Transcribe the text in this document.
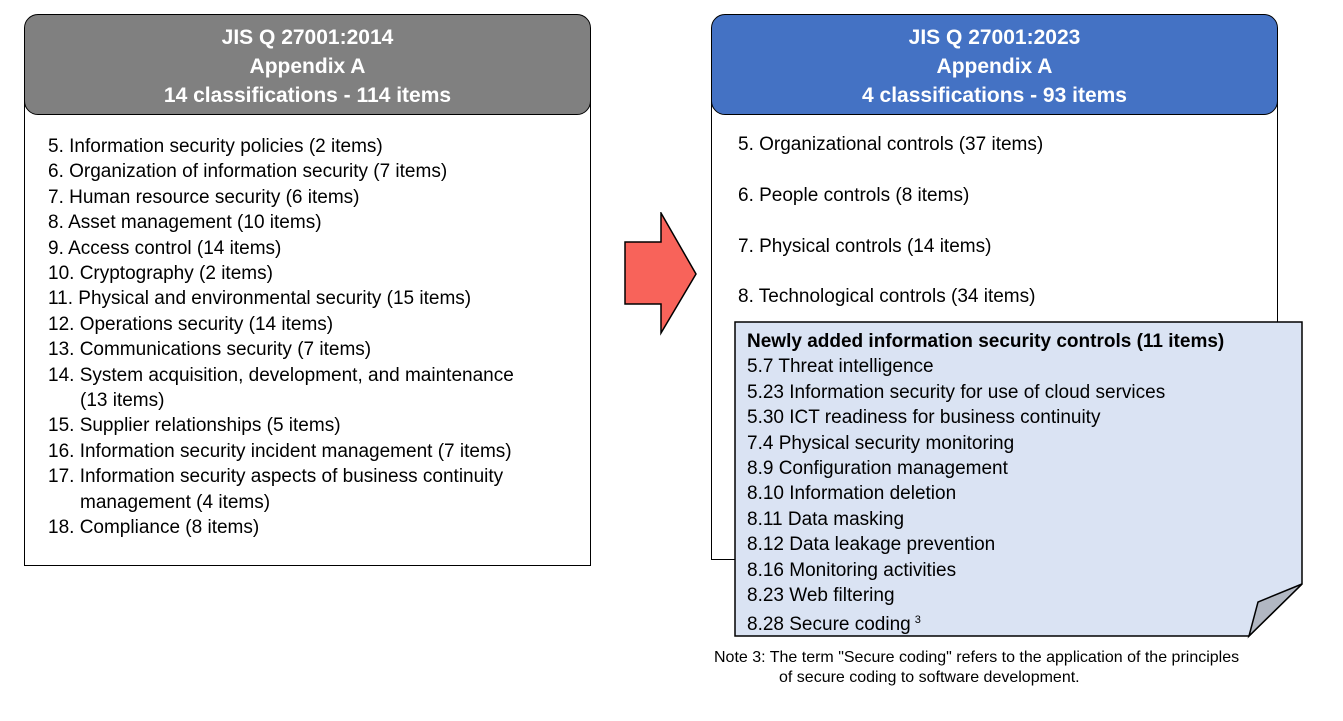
JIS Q 27001:2014
Appendix A
14 classifications - 114 items
5. Information security policies (2 items)
6. Organization of information security (7 items)
7. Human resource security (6 items)
8. Asset management (10 items)
9. Access control (14 items)
10. Cryptography (2 items)
11. Physical and environmental security (15 items)
12. Operations security (14 items)
13. Communications security (7 items)
14. System acquisition, development, and maintenance
(13 items)
15. Supplier relationships (5 items)
16. Information security incident management (7 items)
17. Information security aspects of business continuity
management (4 items)
18. Compliance (8 items)
JIS Q 27001:2023
Appendix A
4 classifications - 93 items
5. Organizational controls (37 items)
6. People controls (8 items)
7. Physical controls (14 items)
8. Technological controls (34 items)
Newly added information security controls (11 items)
5.7 Threat intelligence
5.23 Information security for use of cloud services
5.30 ICT readiness for business continuity
7.4 Physical security monitoring
8.9 Configuration management
8.10 Information deletion
8.11 Data masking
8.12 Data leakage prevention
8.16 Monitoring activities
8.23 Web filtering
8.28 Secure coding $^3$
Note 3: The term "Secure coding" refers to the application of the principles
of secure coding to software development.
